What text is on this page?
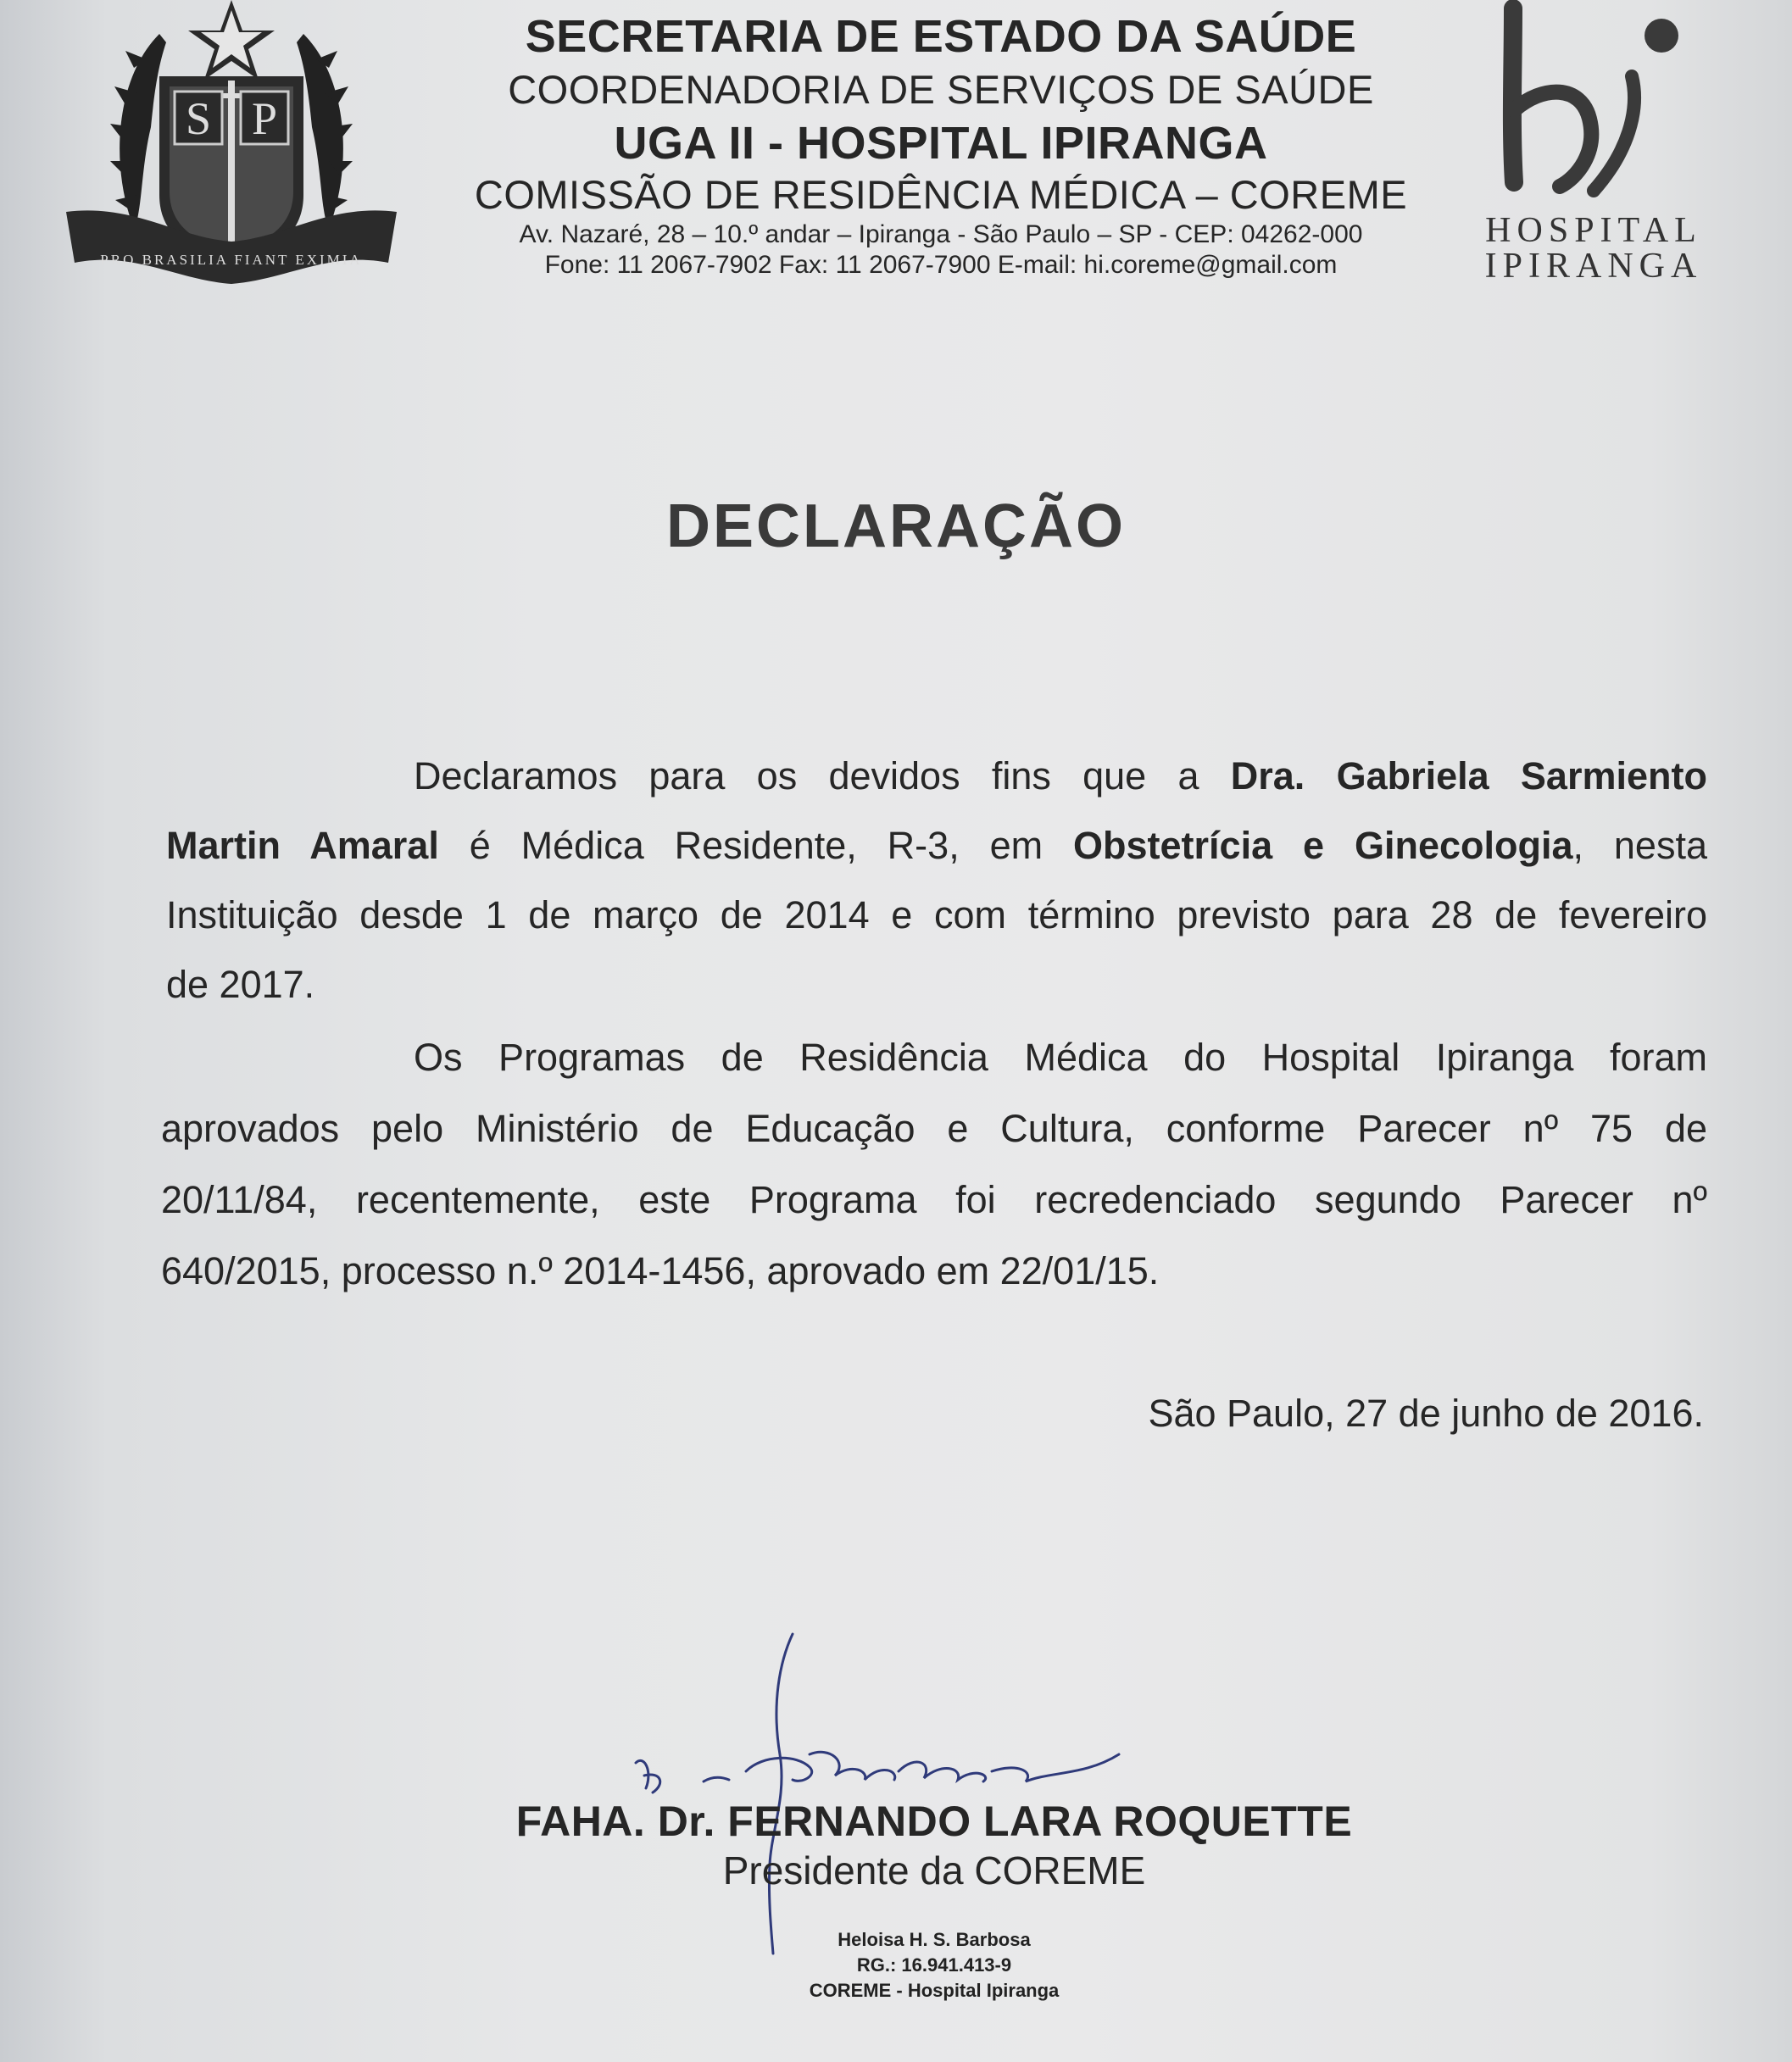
S P
PRO BRASILIA FIANT EXIMIA
SECRETARIA DE ESTADO DA SAÚDE
COORDENADORIA DE SERVIÇOS DE SAÚDE
UGA II - HOSPITAL IPIRANGA
COMISSÃO DE RESIDÊNCIA MÉDICA – COREME
Av. Nazaré, 28 – 10.º andar – Ipiranga - São Paulo – SP - CEP: 04262-000
Fone: 11 2067-7902 Fax: 11 2067-7900 E-mail: hi.coreme@gmail.com
Hi
HOSPITAL
IPIRANGA
DECLARAÇÃO
Declaramos para os devidos fins que a Dra. Gabriela Sarmiento
Martin Amaral é Médica Residente, R-3, em Obstetrícia e Ginecologia, nesta
Instituição desde 1 de março de 2014 e com término previsto para 28 de fevereiro
de 2017.
Os Programas de Residência Médica do Hospital Ipiranga foram
aprovados pelo Ministério de Educação e Cultura, conforme Parecer nº 75 de
20/11/84, recentemente, este Programa foi recredenciado segundo Parecer nº
640/2015, processo n.º 2014-1456, aprovado em 22/01/15.
São Paulo, 27 de junho de 2016.
p/ Barbosa
FAHA. Dr. FERNANDO LARA ROQUETTE
Presidente da COREME
Heloisa H. S. Barbosa
RG.: 16.941.413-9
COREME - Hospital Ipiranga
